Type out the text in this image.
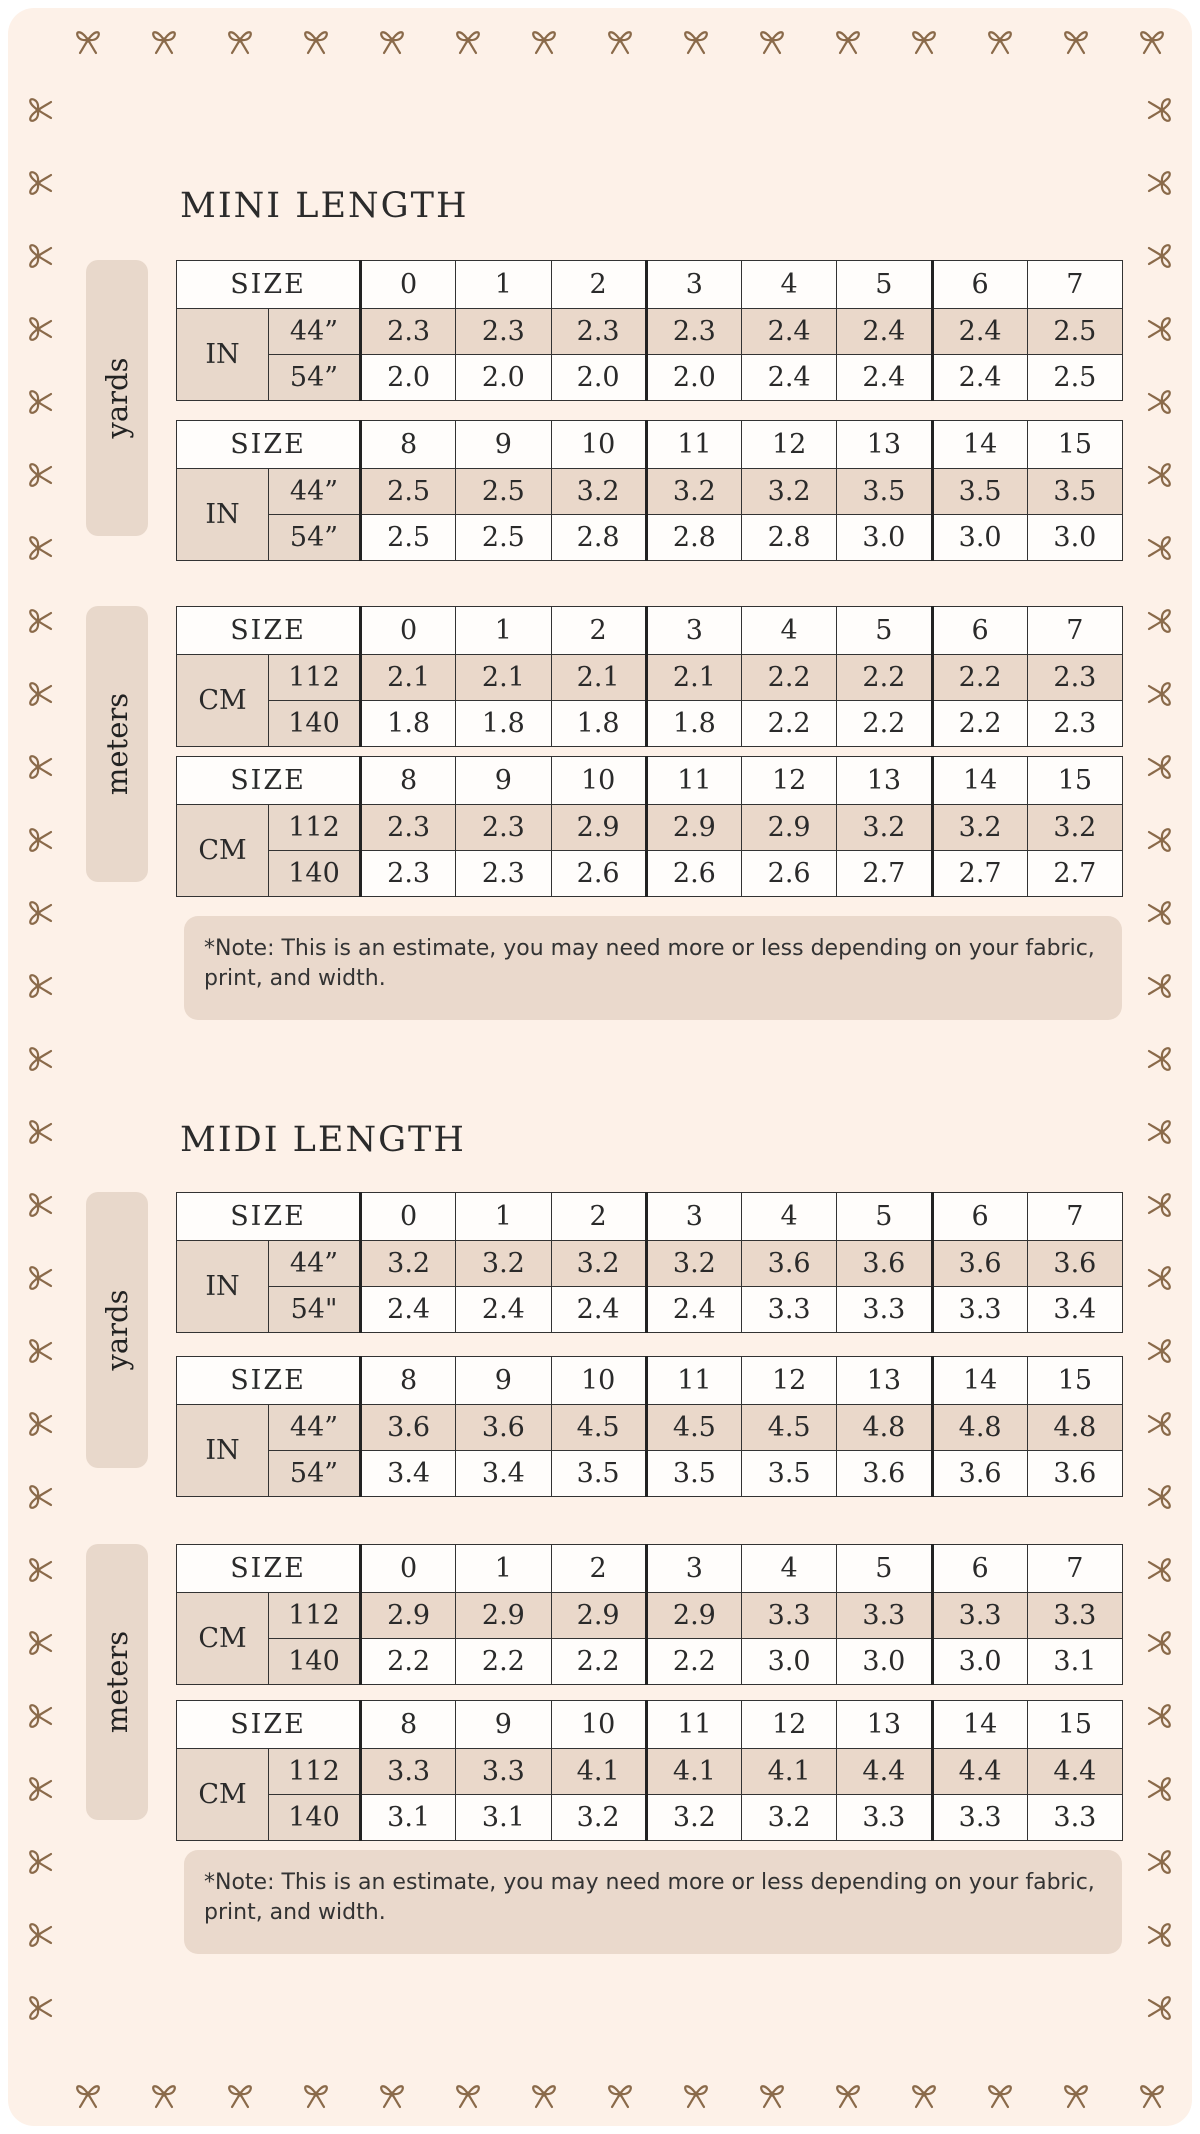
MINI LENGTH
MIDI LENGTH
yards
SIZE		0	1	2	3	4	5	6	7
IN	44”	2.3	2.3	2.3	2.3	2.4	2.4	2.4	2.5
	54”	2.0	2.0	2.0	2.0	2.4	2.4	2.4	2.5
SIZE		8	9	10	11	12	13	14	15
IN	44”	2.5	2.5	3.2	3.2	3.2	3.5	3.5	3.5
	54”	2.5	2.5	2.8	2.8	2.8	3.0	3.0	3.0
meters
SIZE		0	1	2	3	4	5	6	7
CM	112	2.1	2.1	2.1	2.1	2.2	2.2	2.2	2.3
	140	1.8	1.8	1.8	1.8	2.2	2.2	2.2	2.3
SIZE		8	9	10	11	12	13	14	15
CM	112	2.3	2.3	2.9	2.9	2.9	3.2	3.2	3.2
	140	2.3	2.3	2.6	2.6	2.6	2.7	2.7	2.7
*Note: This is an estimate, you may need more or less depending on your fabric, print, and width.
yards
SIZE		0	1	2	3	4	5	6	7
IN	44”	3.2	3.2	3.2	3.2	3.6	3.6	3.6	3.6
	54"	2.4	2.4	2.4	2.4	3.3	3.3	3.3	3.4
SIZE		8	9	10	11	12	13	14	15
IN	44”	3.6	3.6	4.5	4.5	4.5	4.8	4.8	4.8
	54”	3.4	3.4	3.5	3.5	3.5	3.6	3.6	3.6
meters
SIZE		0	1	2	3	4	5	6	7
CM	112	2.9	2.9	2.9	2.9	3.3	3.3	3.3	3.3
	140	2.2	2.2	2.2	2.2	3.0	3.0	3.0	3.1
SIZE		8	9	10	11	12	13	14	15
CM	112	3.3	3.3	4.1	4.1	4.1	4.4	4.4	4.4
	140	3.1	3.1	3.2	3.2	3.2	3.3	3.3	3.3
*Note: This is an estimate, you may need more or less depending on your fabric, print, and width.
